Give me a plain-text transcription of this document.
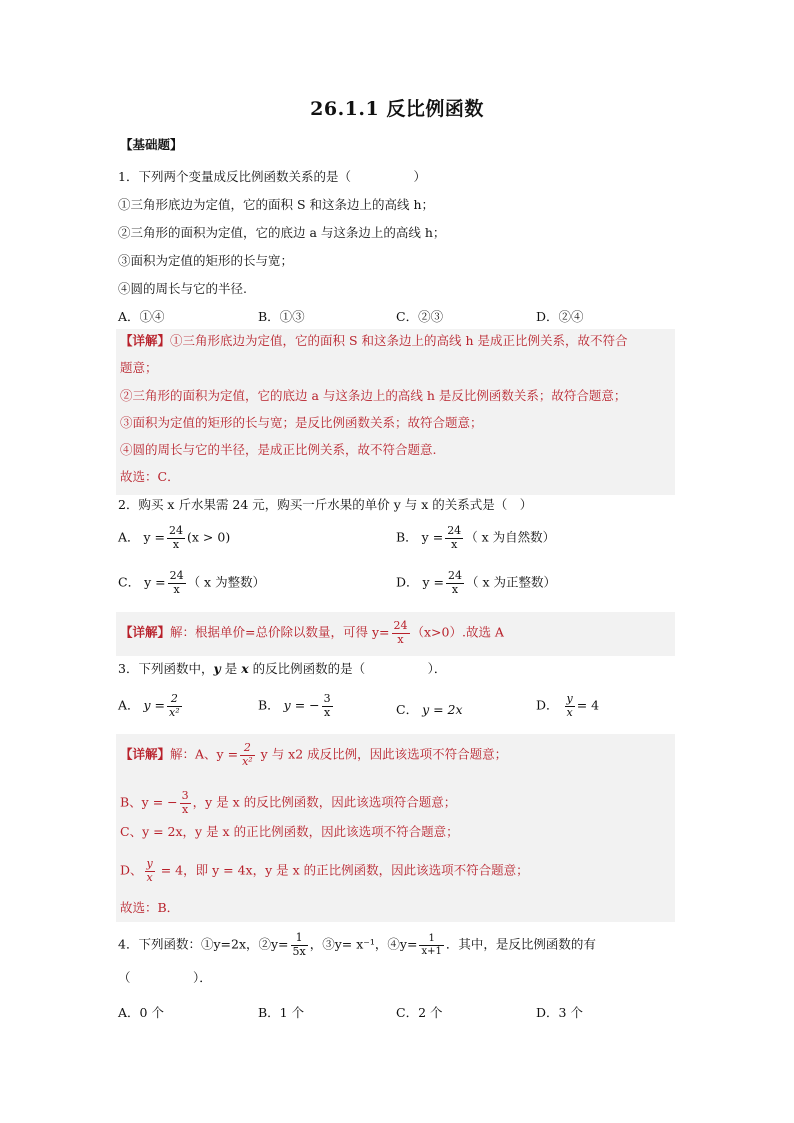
26.1.1 反比例函数
【基础题】
1．下列两个变量成反比例函数关系的是（　　　　　）
①三角形底边为定值，它的面积 S 和这条边上的高线 h；
②三角形的面积为定值，它的底边 a 与这条边上的高线 h；
③面积为定值的矩形的长与宽；
④圆的周长与它的半径.
A．①④	B．①③	C．②③	D．②④
【详解】①三角形底边为定值，它的面积 S 和这条边上的高线 h 是成正比例关系，故不符合
题意；
②三角形的面积为定值，它的底边 a 与这条边上的高线 h 是反比例函数关系；故符合题意；
③面积为定值的矩形的长与宽；是反比例函数关系；故符合题意；
④圆的周长与它的半径，是成正比例关系，故不符合题意.
故选：C．
2．购买 x 斤水果需 24 元，购买一斤水果的单价 y 与 x 的关系式是（　）
A． $y = \frac{24}{x} (x > 0)$	B． $y = \frac{24}{x}$ （ x 为自然数）
C． $y = \frac{24}{x}$ （ x 为整数）	D． $y = \frac{24}{x}$ （ x 为正整数）
【详解】解：根据单价=总价除以数量，可得 $y= \frac{24}{x} (x>0)$.故选 A
3．下列函数中，y 是 x 的反比例函数的是（　　　　　）．
A． $y = \frac{2}{\text{x²}}$	B． y = − $\frac{3}{x}$	C． y = 2x	D． $\frac{y}{x} = 4$
【详解】解：A、$y = \frac{2}{\text{x²}}$ y 与 x2 成反比例，因此该选项不符合题意；
B、y = − $\frac{3}{x}$ ，y 是 x 的反比例函数，因此该选项符合题意；
C、y = 2x，y 是 x 的正比例函数，因此该选项不符合题意；
D、 $\frac{y}{x} = 4$，即 y = 4x，y 是 x 的正比例函数，因此该选项不符合题意；
故选：B．
4．下列函数：①y=2x，②y= $\frac{1}{5x}$ ，③y= x⁻¹，④y= $\frac{1}{x+1}$ ．其中，是反比例函数的有
（　　　　　）．
A．0 个	B．1 个	C．2 个	D．3 个
